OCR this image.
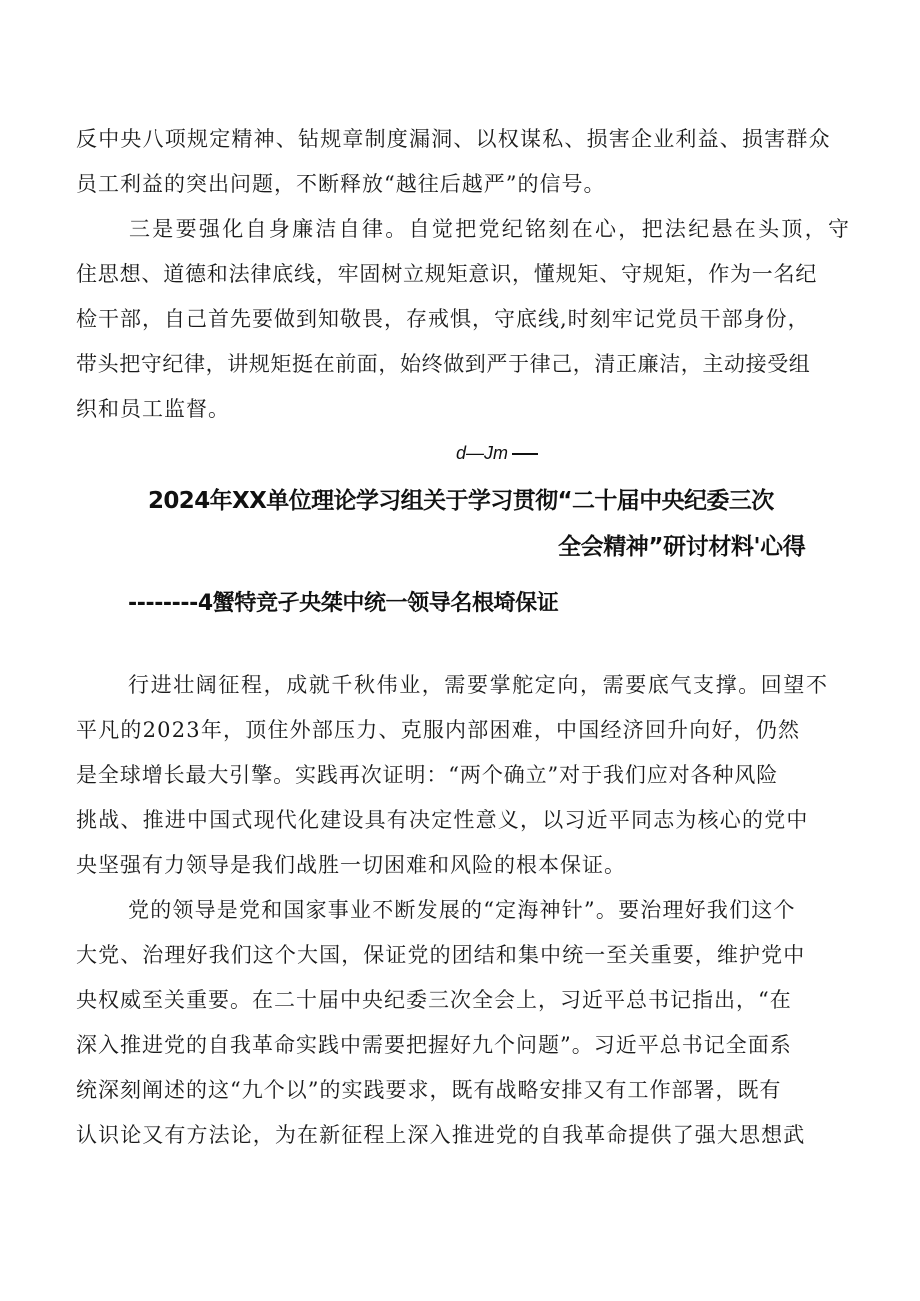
反中央八项规定精神、钻规章制度漏洞、以权谋私、损害企业利益、损害群众

员工利益的突出问题，不断释放“越往后越严”的信号。

三是要强化自身廉洁自律。自觉把党纪铭刻在心，把法纪悬在头顶，守

住思想、道德和法律底线，牢固树立规矩意识，懂规矩、守规矩，作为一名纪

检干部，自己首先要做到知敬畏，存戒惧，守底线,时刻牢记党员干部身份，

带头把守纪律，讲规矩挺在前面，始终做到严于律己，清正廉洁，主动接受组

织和员工监督。

d—Jm
2024年XX单位理论学习组关于学习贯彻“二十届中央纪委三次
全会精神”研讨材料'心得
--------4蟹特竞孑央桀中统一领导名根埼保证

行进壮阔征程，成就千秋伟业，需要掌舵定向，需要底气支撑。回望不

平凡的2023年，顶住外部压力、克服内部困难，中国经济回升向好，仍然

是全球增长最大引擎。实践再次证明：“两个确立”对于我们应对各种风险

挑战、推进中国式现代化建设具有决定性意义，以习近平同志为核心的党中

央坚强有力领导是我们战胜一切困难和风险的根本保证。

党的领导是党和国家事业不断发展的“定海神针”。要治理好我们这个

大党、治理好我们这个大国，保证党的团结和集中统一至关重要，维护党中

央权威至关重要。在二十届中央纪委三次全会上，习近平总书记指出，“在

深入推进党的自我革命实践中需要把握好九个问题”。习近平总书记全面系

统深刻阐述的这“九个以”的实践要求，既有战略安排又有工作部署，既有

认识论又有方法论，为在新征程上深入推进党的自我革命提供了强大思想武
